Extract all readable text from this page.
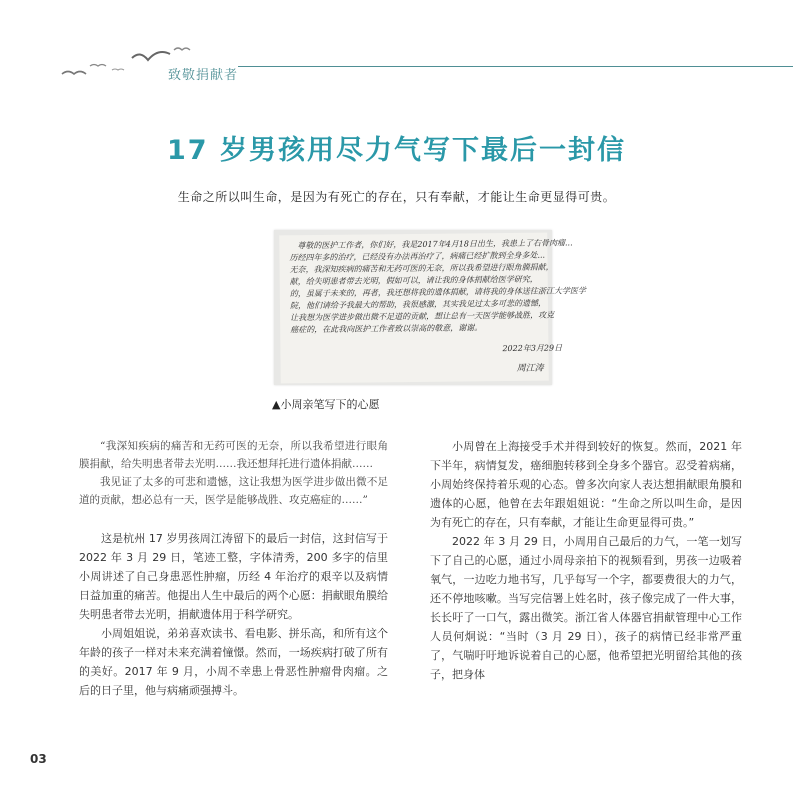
致敬捐献者
17 岁男孩用尽力气写下最后一封信
生命之所以叫生命，是因为有死亡的存在，只有奉献，才能让生命更显得可贵。
尊敬的医护工作者，你们好，我是2017年4月18日出生，我患上了右骨肉瘤...
历经四年多的治疗，已经没有办法再治疗了，病痛已经扩散到全身多处...
无奈，我深知疾病的痛苦和无药可医的无奈，所以我希望进行眼角膜捐献，
献，给失明患者带去光明，假如可以，请让我的身体捐献给医学研究，
的，虽属于未来的，再者，我还想将我的遗体捐献，请将我的身体送往浙江大学医学
院，他们请给予我最大的帮助，我很感激，其实我见过太多可悲的遗憾，
让我想为医学进步做出微不足道的贡献，想让总有一天医学能够战胜，攻克
癌症的，在此我向医护工作者致以崇高的敬意，谢谢。
2022年3月29日
周江涛
▲小周亲笔写下的心愿

“我深知疾病的痛苦和无药可医的无奈，所以我希望进行眼角膜捐献，给失明患者带去光明……我还想拜托进行遗体捐献……

我见证了太多的可悲和遗憾，这让我想为医学进步做出微不足道的贡献，想必总有一天，医学是能够战胜、攻克癌症的……”

这是杭州 17 岁男孩周江涛留下的最后一封信，这封信写于 2022 年 3 月 29 日，笔迹工整，字体清秀，200 多字的信里小周讲述了自己身患恶性肿瘤，历经 4 年治疗的艰辛以及病情日益加重的痛苦。他提出人生中最后的两个心愿：捐献眼角膜给失明患者带去光明，捐献遗体用于科学研究。

小周姐姐说，弟弟喜欢读书、看电影、拼乐高，和所有这个年龄的孩子一样对未来充满着憧憬。然而，一场疾病打破了所有的美好。2017 年 9 月，小周不幸患上骨恶性肿瘤骨肉瘤。之后的日子里，他与病痛顽强搏斗。

小周曾在上海接受手术并得到较好的恢复。然而，2021 年下半年，病情复发，癌细胞转移到全身多个器官。忍受着病痛，小周始终保持着乐观的心态。曾多次向家人表达想捐献眼角膜和遗体的心愿，他曾在去年跟姐姐说：“生命之所以叫生命，是因为有死亡的存在，只有奉献，才能让生命更显得可贵。”

2022 年 3 月 29 日，小周用自己最后的力气，一笔一划写下了自己的心愿，通过小周母亲拍下的视频看到，男孩一边吸着氧气，一边吃力地书写，几乎每写一个字，都要费很大的力气，还不停地咳嗽。当写完信署上姓名时，孩子像完成了一件大事，长长吁了一口气，露出微笑。浙江省人体器官捐献管理中心工作人员何炯说：“当时（3 月 29 日），孩子的病情已经非常严重了，气喘吁吁地诉说着自己的心愿，他希望把光明留给其他的孩子，把身体

03
